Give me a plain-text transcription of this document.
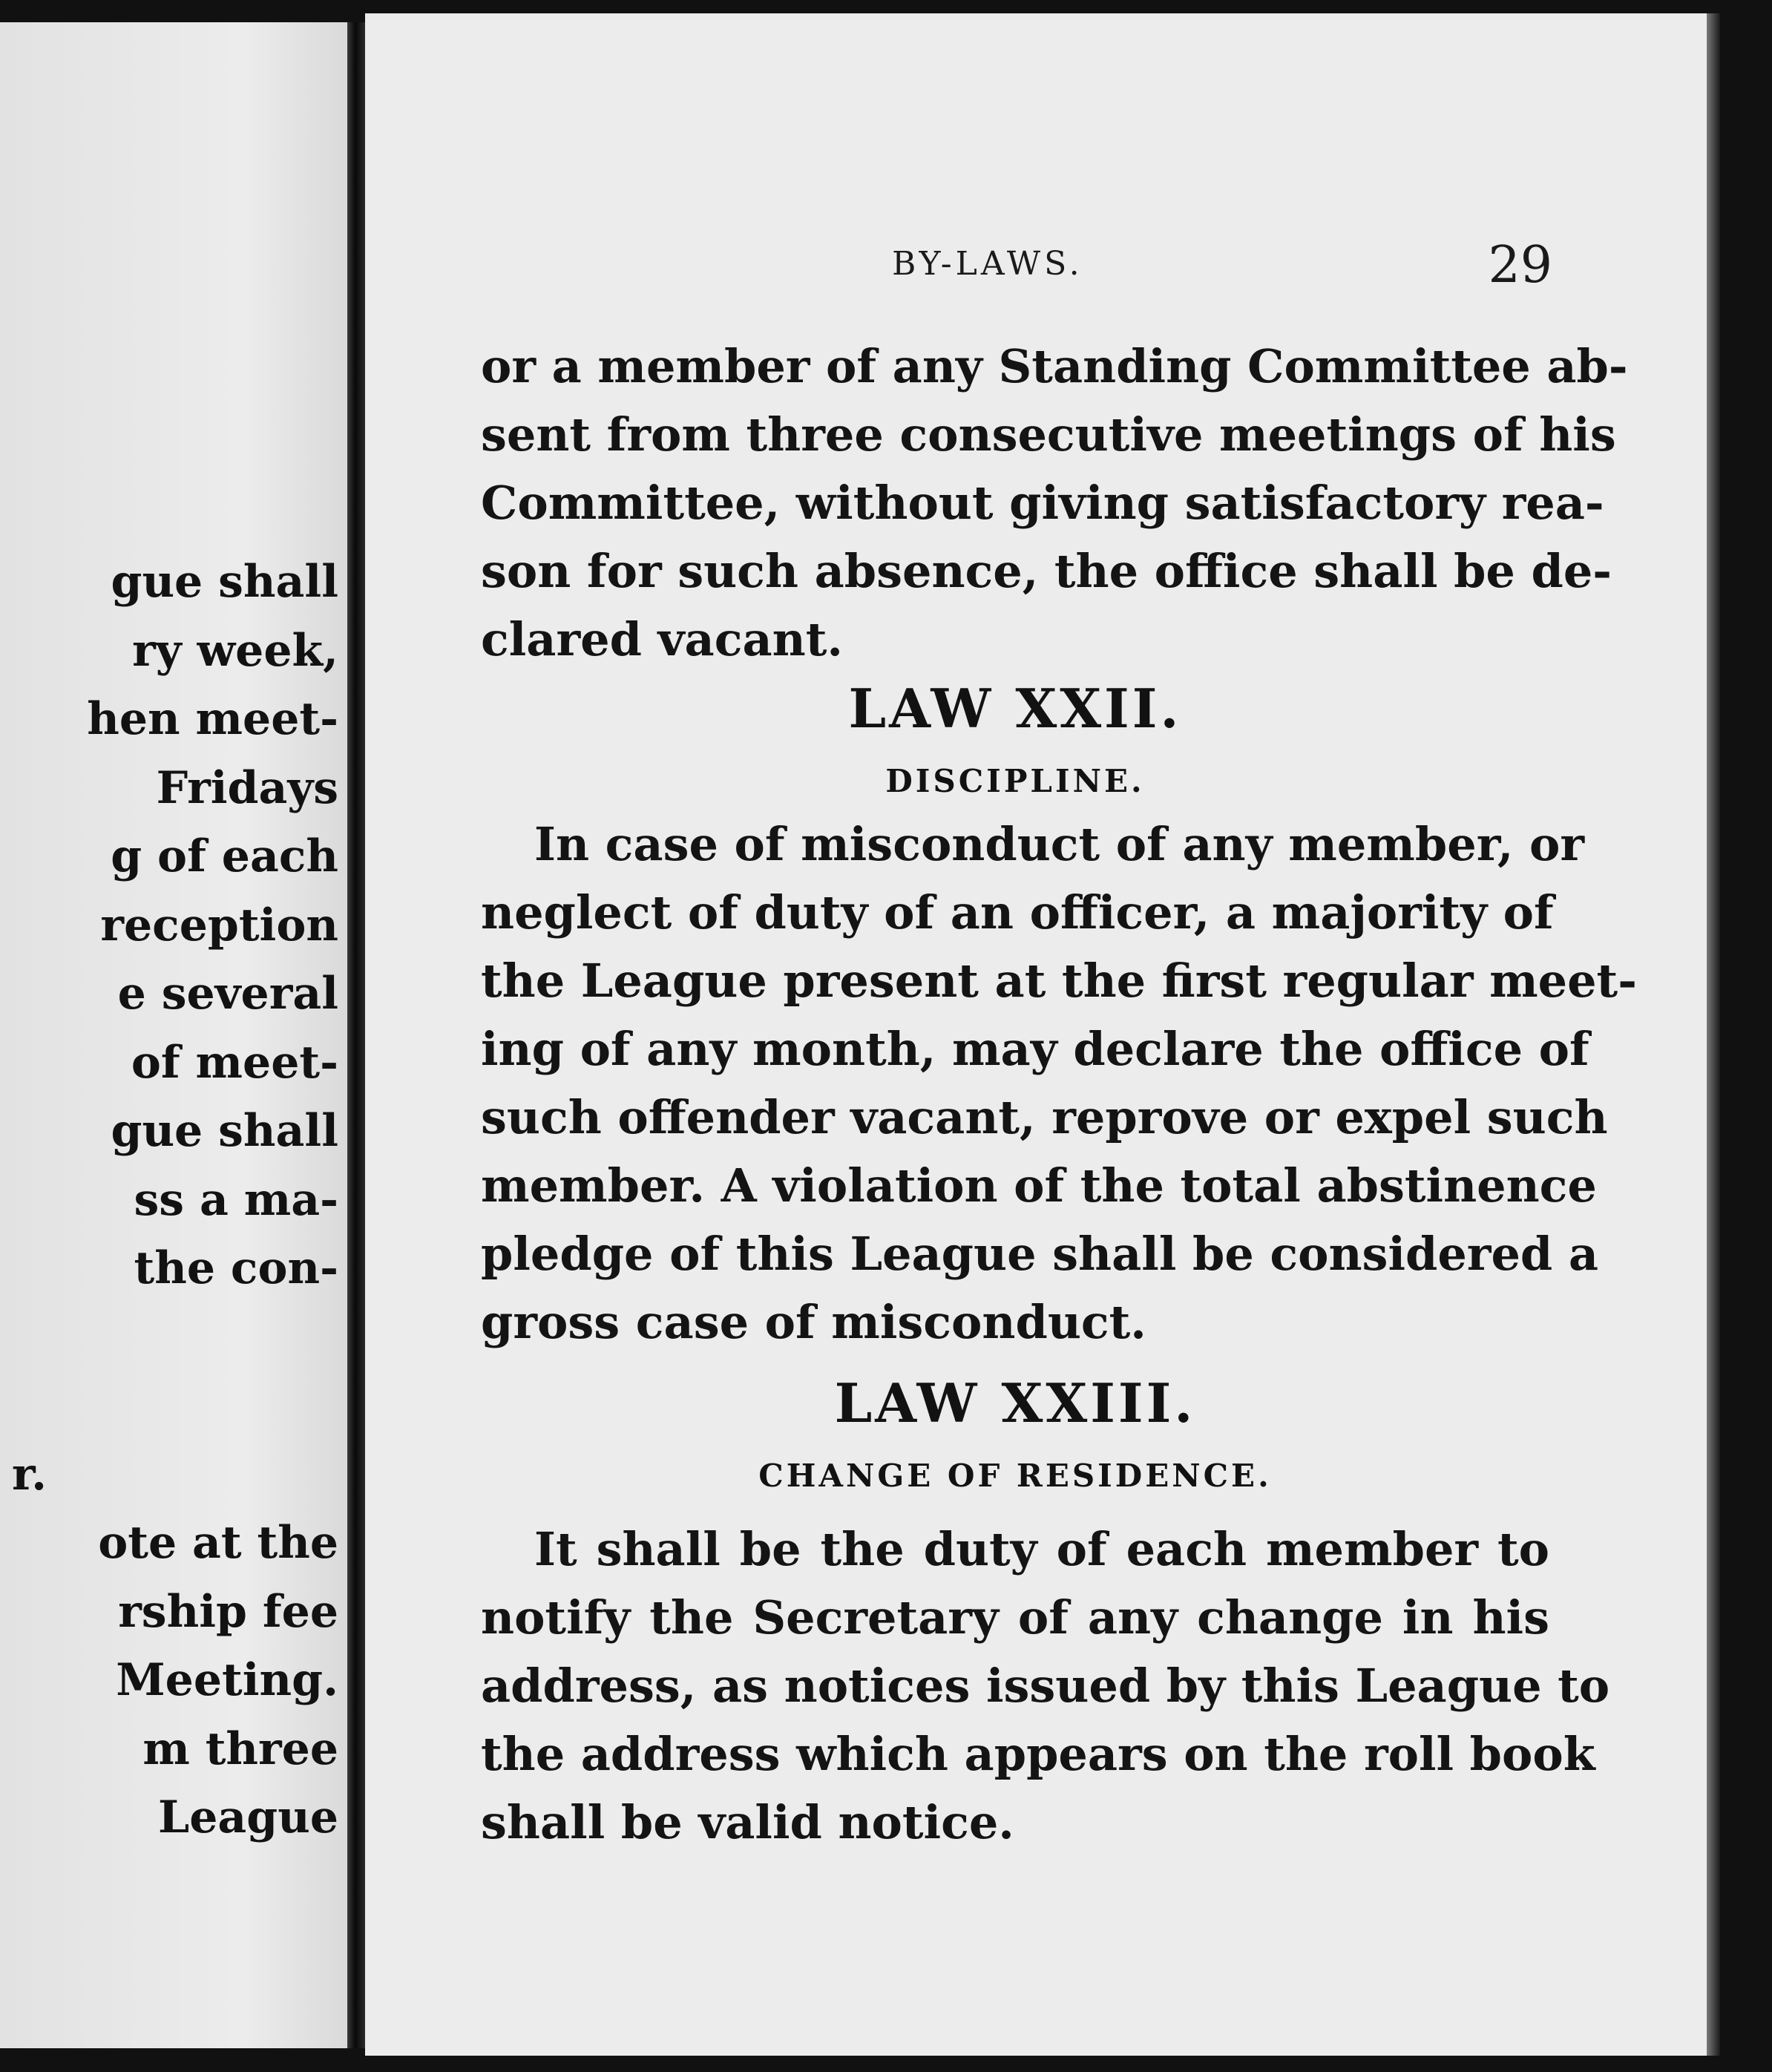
gue shall
ry week,
hen meet-
Fridays
g of each
reception
e several
of meet-
gue shall
ss a ma-
the con-
r.
ote at the
rship fee
Meeting.
m three
League
BY-LAWS.	29
or a member of any Standing Committee ab-
sent from three consecutive meetings of his
Committee, without giving satisfactory rea-
son for such absence, the office shall be de-
clared vacant.
LAW XXII.
DISCIPLINE.
In case of misconduct of any member, or
neglect of duty of an officer, a majority of
the League present at the first regular meet-
ing of any month, may declare the office of
such offender vacant, reprove or expel such
member. A violation of the total abstinence
pledge of this League shall be considered a
gross case of misconduct.
LAW XXIII.
CHANGE OF RESIDENCE.
It shall be the duty of each member to
notify the Secretary of any change in his
address, as notices issued by this League to
the address which appears on the roll book
shall be valid notice.
